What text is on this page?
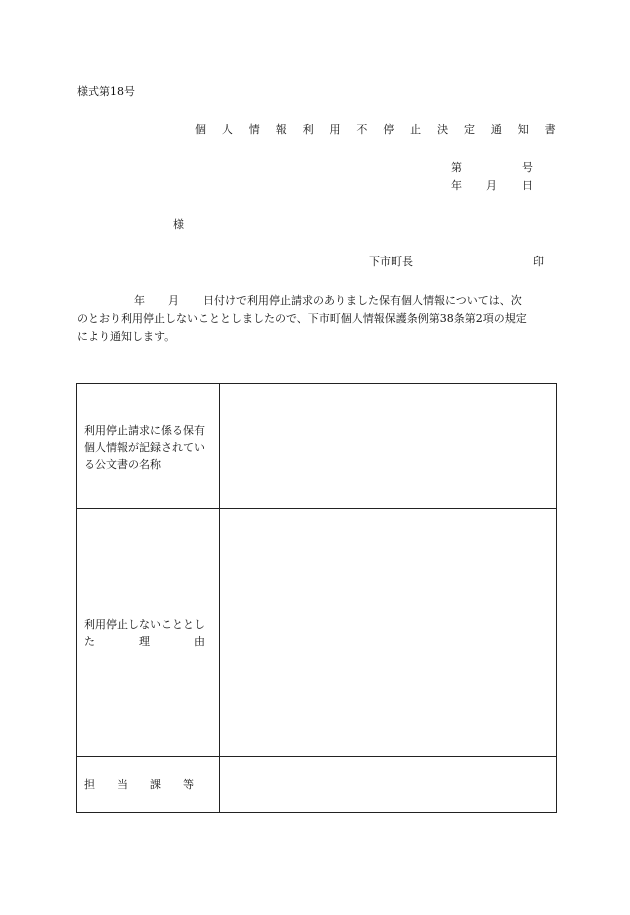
様式第18号
個 人 情 報 利 用 不 停 止 決 定 通 知 書
第	号
年 月 日
様
下市町長	印
年 月 日付けで利用停止請求のありました保有個人情報については、次
のとおり利用停止しないこととしましたので、下市町個人情報保護条例第38条第2項の規定
により通知します。
利用停止請求に係る保有
個人情報が記録されてい
る公文書の名称
利用停止しないこととし
た　　　　理　　　　由
担　　当　　課　　等
